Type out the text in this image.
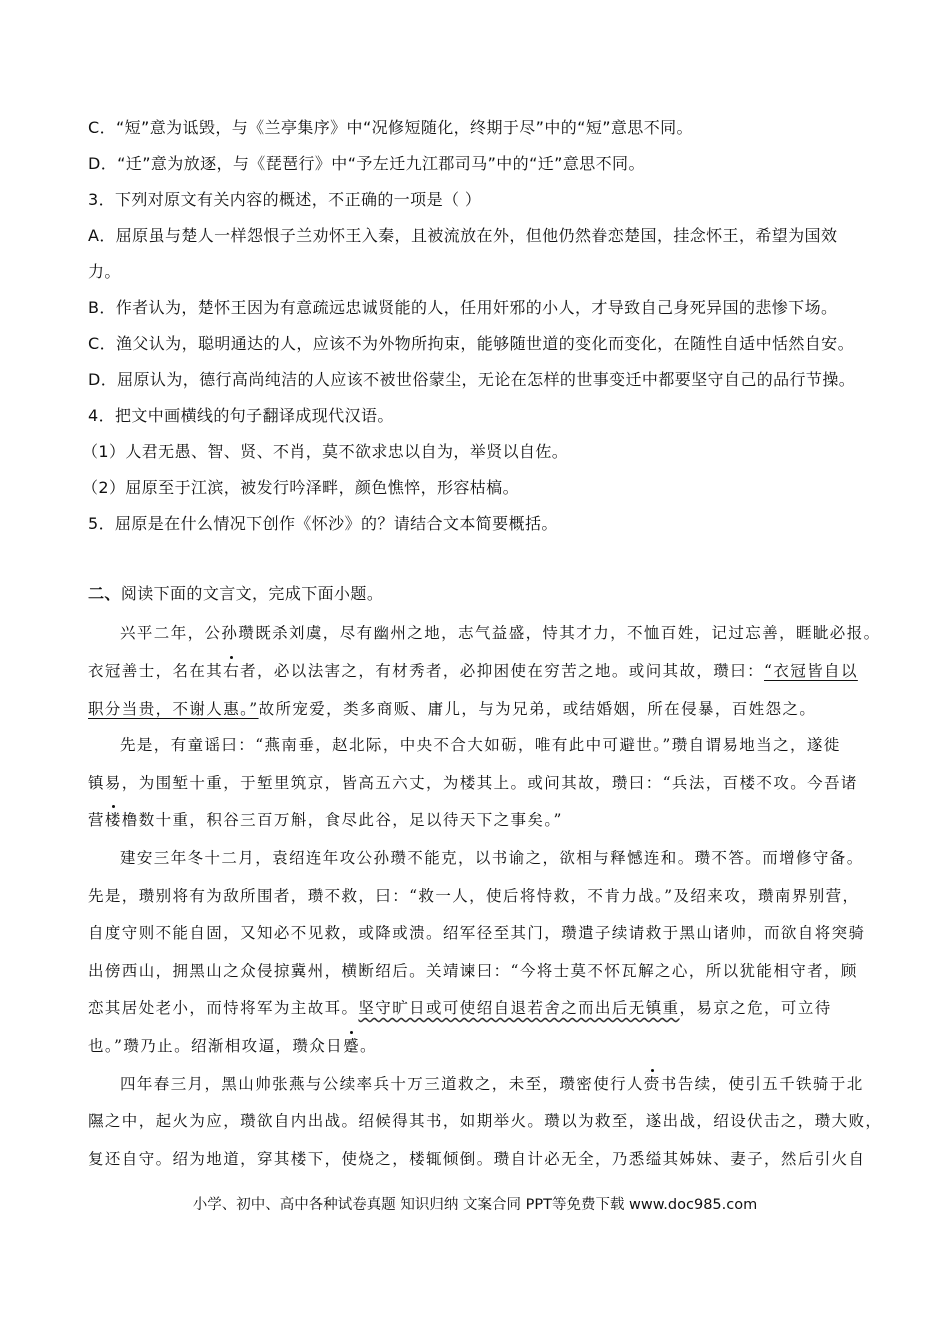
C．“短”意为诋毁，与《兰亭集序》中“况修短随化，终期于尽”中的“短”意思不同。
D．“迁”意为放逐，与《琵琶行》中“予左迁九江郡司马”中的“迁”意思不同。
3．下列对原文有关内容的概述，不正确的一项是（ ）
A．屈原虽与楚人一样怨恨子兰劝怀王入秦，且被流放在外，但他仍然眷恋楚国，挂念怀王，希望为国效
力。
B．作者认为，楚怀王因为有意疏远忠诚贤能的人，任用奸邪的小人，才导致自己身死异国的悲惨下场。
C．渔父认为，聪明通达的人，应该不为外物所拘束，能够随世道的变化而变化，在随性自适中恬然自安。
D．屈原认为，德行高尚纯洁的人应该不被世俗蒙尘，无论在怎样的世事变迁中都要坚守自己的品行节操。
4．把文中画横线的句子翻译成现代汉语。
（1）人君无愚、智、贤、不肖，莫不欲求忠以自为，举贤以自佐。
（2）屈原至于江滨，被发行吟泽畔，颜色憔悴，形容枯槁。
5．屈原是在什么情况下创作《怀沙》的？请结合文本简要概括。
二、阅读下面的文言文，完成下面小题。
兴平二年，公孙瓒既杀刘虞，尽有幽州之地，志气益盛，恃其才力，不恤百姓，记过忘善，睚眦必报。
衣冠善士，名在其右者，必以法害之，有材秀者，必抑困使在穷苦之地。或问其故，瓒曰：“衣冠皆自以
职分当贵，不谢人惠。”故所宠爱，类多商贩、庸儿，与为兄弟，或结婚姻，所在侵暴，百姓怨之。
先是，有童谣曰：“燕南垂，赵北际，中央不合大如砺，唯有此中可避世。”瓒自谓易地当之，遂徙
镇易，为围堑十重，于堑里筑京，皆高五六丈，为楼其上。或问其故，瓒曰：“兵法，百楼不攻。今吾诸
营楼橹数十重，积谷三百万斛，食尽此谷，足以待天下之事矣。”
建安三年冬十二月，袁绍连年攻公孙瓒不能克，以书谕之，欲相与释憾连和。瓒不答。而增修守备。
先是，瓒别将有为敌所围者，瓒不救，曰：“救一人，使后将恃救，不肯力战。”及绍来攻，瓒南界别营，
自度守则不能自固，又知必不见救，或降或溃。绍军径至其门，瓒遣子续请救于黑山诸帅，而欲自将突骑
出傍西山，拥黑山之众侵掠冀州，横断绍后。关靖谏曰：“今将士莫不怀瓦解之心，所以犹能相守者，顾
恋其居处老小，而恃将军为主故耳。坚守旷日或可使绍自退若舍之而出后无镇重，易京之危，可立待
也。”瓒乃止。绍渐相攻逼，瓒众日蹙。
四年春三月，黑山帅张燕与公续率兵十万三道救之，未至，瓒密使行人赍书告续，使引五千铁骑于北
隰之中，起火为应，瓒欲自内出战。绍候得其书，如期举火。瓒以为救至，遂出战，绍设伏击之，瓒大败，
复还自守。绍为地道，穿其楼下，使烧之，楼辄倾倒。瓒自计必无全，乃悉缢其姊妹、妻子，然后引火自
小学、初中、高中各种试卷真题 知识归纳 文案合同 PPT等免费下载 www.doc985.com
